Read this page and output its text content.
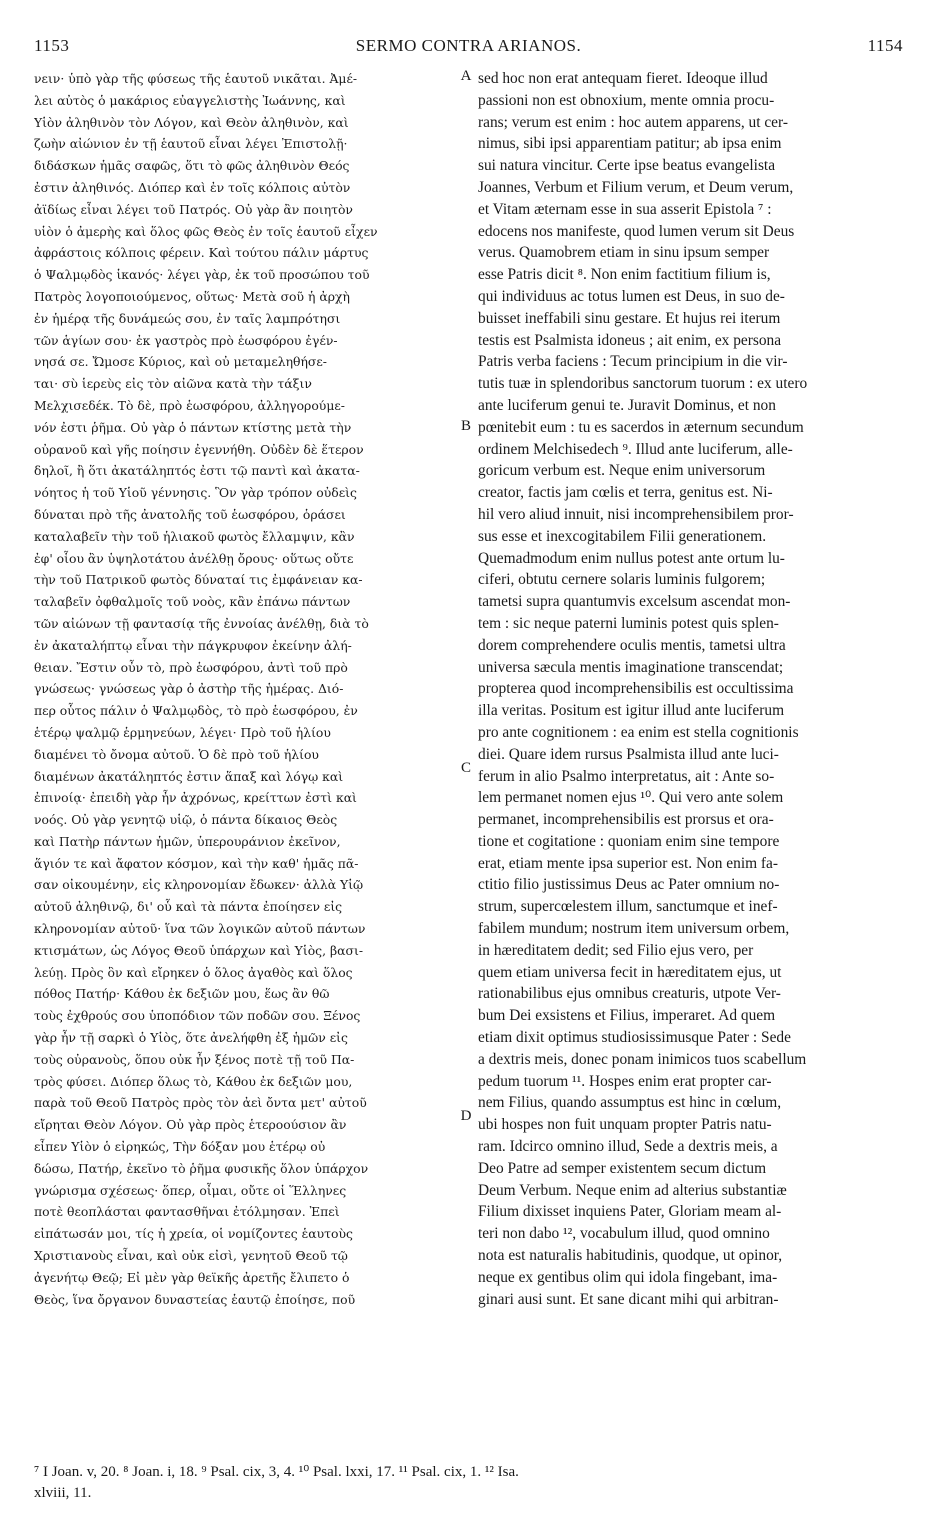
1153	SERMO CONTRA ARIANOS.	1154
νειν· ὑπὸ γὰρ τῆς φύσεως τῆς ἑαυτοῦ νικᾶται. Ἀμέ-
λει αὐτὸς ὁ μακάριος εὐαγγελιστὴς Ἰωάννης, καὶ
Υἱὸν ἀληθινὸν τὸν Λόγον, καὶ Θεὸν ἀληθινὸν, καὶ
ζωὴν αἰώνιον ἐν τῇ ἑαυτοῦ εἶναι λέγει Ἐπιστολῇ·
διδάσκων ἡμᾶς σαφῶς, ὅτι τὸ φῶς ἀληθινὸν Θεός
ἐστιν ἀληθινός. Διόπερ καὶ ἐν τοῖς κόλποις αὐτὸν
ἀϊδίως εἶναι λέγει τοῦ Πατρός. Οὐ γὰρ ἂν ποιητὸν
υἱὸν ὁ ἀμερὴς καὶ ὅλος φῶς Θεὸς ἐν τοῖς ἑαυτοῦ εἶχεν
ἀφράστοις κόλποις φέρειν. Καὶ τούτου πάλιν μάρτυς
ὁ Ψαλμῳδὸς ἱκανός· λέγει γὰρ, ἐκ τοῦ προσώπου τοῦ
Πατρὸς λογοποιούμενος, οὕτως· Μετὰ σοῦ ἡ ἀρχὴ
ἐν ἡμέρᾳ τῆς δυνάμεώς σου, ἐν ταῖς λαμπρότησι
τῶν ἁγίων σου· ἐκ γαστρὸς πρὸ ἑωσφόρου ἐγέν-
νησά σε. Ὤμοσε Κύριος, καὶ οὐ μεταμεληθήσε-
ται· σὺ ἱερεὺς εἰς τὸν αἰῶνα κατὰ τὴν τάξιν
Μελχισεδέκ. Τὸ δὲ, πρὸ ἑωσφόρου, ἀλληγορούμε-
νόν ἐστι ῥῆμα. Οὐ γὰρ ὁ πάντων κτίστης μετὰ τὴν
οὐρανοῦ καὶ γῆς ποίησιν ἐγεννήθη. Οὐδὲν δὲ ἕτερον
δηλοῖ, ἢ ὅτι ἀκατάληπτός ἐστι τῷ παντὶ καὶ ἀκατα-
νόητος ἡ τοῦ Υἱοῦ γέννησις. Ὃν γὰρ τρόπον οὐδεὶς
δύναται πρὸ τῆς ἀνατολῆς τοῦ ἑωσφόρου, ὁράσει
καταλαβεῖν τὴν τοῦ ἡλιακοῦ φωτὸς ἔλλαμψιν, κἂν
ἐφ' οἷου ἂν ὑψηλοτάτου ἀνέλθῃ ὄρους· οὕτως οὔτε
τὴν τοῦ Πατρικοῦ φωτὸς δύναταί τις ἐμφάνειαν κα-
ταλαβεῖν ὀφθαλμοῖς τοῦ νοὸς, κἂν ἐπάνω πάντων
τῶν αἰώνων τῇ φαντασίᾳ τῆς ἐννοίας ἀνέλθῃ, διὰ τὸ
ἐν ἀκαταλήπτῳ εἶναι τὴν πάγκρυφον ἐκείνην ἀλή-
θειαν. Ἔστιν οὖν τὸ, πρὸ ἑωσφόρου, ἀντὶ τοῦ πρὸ
γνώσεως· γνώσεως γὰρ ὁ ἀστὴρ τῆς ἡμέρας. Διό-
περ οὗτος πάλιν ὁ Ψαλμῳδὸς, τὸ πρὸ ἑωσφόρου, ἐν
ἑτέρῳ ψαλμῷ ἑρμηνεύων, λέγει· Πρὸ τοῦ ἡλίου
διαμένει τὸ ὄνομα αὐτοῦ. Ὁ δὲ πρὸ τοῦ ἡλίου
διαμένων ἀκατάληπτός ἐστιν ἅπαξ καὶ λόγῳ καὶ
ἐπινοίᾳ· ἐπειδὴ γὰρ ἦν ἀχρόνως, κρείττων ἐστὶ καὶ
νοός. Οὐ γὰρ γενητῷ υἱῷ, ὁ πάντα δίκαιος Θεὸς
καὶ Πατὴρ πάντων ἡμῶν, ὑπερουράνιον ἐκεῖνον,
ἅγιόν τε καὶ ἄφατον κόσμον, καὶ τὴν καθ' ἡμᾶς πᾶ-
σαν οἰκουμένην, εἰς κληρονομίαν ἔδωκεν· ἀλλὰ Υἱῷ
αὐτοῦ ἀληθινῷ, δι' οὗ καὶ τὰ πάντα ἐποίησεν εἰς
κληρονομίαν αὐτοῦ· ἵνα τῶν λογικῶν αὐτοῦ πάντων
κτισμάτων, ὡς Λόγος Θεοῦ ὑπάρχων καὶ Υἱὸς, βασι-
λεύῃ. Πρὸς ὃν καὶ εἴρηκεν ὁ ὅλος ἀγαθὸς καὶ ὅλος
πόθος Πατήρ· Κάθου ἐκ δεξιῶν μου, ἕως ἂν θῶ
τοὺς ἐχθρούς σου ὑποπόδιον τῶν ποδῶν σου. Ξένος
γὰρ ἦν τῇ σαρκὶ ὁ Υἱὸς, ὅτε ἀνελήφθη ἐξ ἡμῶν εἰς
τοὺς οὐρανοὺς, ὅπου οὐκ ἦν ξένος ποτὲ τῇ τοῦ Πα-
τρὸς φύσει. Διόπερ ὅλως τὸ, Κάθου ἐκ δεξιῶν μου,
παρὰ τοῦ Θεοῦ Πατρὸς πρὸς τὸν ἀεὶ ὄντα μετ' αὐτοῦ
εἴρηται Θεὸν Λόγον. Οὐ γὰρ πρὸς ἑτεροούσιον ἂν
εἶπεν Υἱὸν ὁ εἰρηκώς, Τὴν δόξαν μου ἑτέρῳ οὐ
δώσω, Πατήρ, ἐκεῖνο τὸ ῥῆμα φυσικῆς ὅλον ὑπάρχον
γνώρισμα σχέσεως· ὅπερ, οἶμαι, οὔτε οἱ Ἕλληνες
ποτὲ θεοπλάσται φαντασθῆναι ἐτόλμησαν. Ἐπεὶ
εἰπάτωσάν μοι, τίς ἡ χρεία, οἱ νομίζοντες ἑαυτοὺς
Χριστιανοὺς εἶναι, καὶ οὐκ εἰσὶ, γενητοῦ Θεοῦ τῷ
ἀγενήτῳ Θεῷ; Εἰ μὲν γὰρ θεϊκῆς ἀρετῆς ἔλιπετο ὁ
Θεὸς, ἵνα ὄργανον δυναστείας ἑαυτῷ ἐποίησε, ποῦ
sed hoc non erat antequam fieret. Ideoque illud
passioni non est obnoxium, mente omnia procu-
rans; verum est enim : hoc autem apparens, ut cer-
nimus, sibi ipsi apparentiam patitur; ab ipsa enim
sui natura vincitur. Certe ipse beatus evangelista
Joannes, Verbum et Filium verum, et Deum verum,
et Vitam æternam esse in sua asserit Epistola ⁷ :
edocens nos manifeste, quod lumen verum sit Deus
verus. Quamobrem etiam in sinu ipsum semper
esse Patris dicit ⁸. Non enim factitium filium is,
qui individuus ac totus lumen est Deus, in suo de-
buisset ineffabili sinu gestare. Et hujus rei iterum
testis est Psalmista idoneus ; ait enim, ex persona
Patris verba faciens : Tecum principium in die vir-
tutis tuæ in splendoribus sanctorum tuorum : ex utero
ante luciferum genui te. Juravit Dominus, et non
pœnitebit eum : tu es sacerdos in æternum secundum
ordinem Melchisedech ⁹. Illud ante luciferum, alle-
goricum verbum est. Neque enim universorum
creator, factis jam cœlis et terra, genitus est. Ni-
hil vero aliud innuit, nisi incomprehensibilem pror-
sus esse et inexcogitabilem Filii generationem.
Quemadmodum enim nullus potest ante ortum lu-
ciferi, obtutu cernere solaris luminis fulgorem;
tametsi supra quantumvis excelsum ascendat mon-
tem : sic neque paterni luminis potest quis splen-
dorem comprehendere oculis mentis, tametsi ultra
universa sæcula mentis imaginatione transcendat;
propterea quod incomprehensibilis est occultissima
illa veritas. Positum est igitur illud ante luciferum
pro ante cognitionem : ea enim est stella cognitionis
diei. Quare idem rursus Psalmista illud ante luci-
ferum in alio Psalmo interpretatus, ait : Ante so-
lem permanet nomen ejus ¹⁰. Qui vero ante solem
permanet, incomprehensibilis est prorsus et ora-
tione et cogitatione : quoniam enim sine tempore
erat, etiam mente ipsa superior est. Non enim fa-
ctitio filio justissimus Deus ac Pater omnium no-
strum, supercœlestem illum, sanctumque et inef-
fabilem mundum; nostrum item universum orbem,
in hæreditatem dedit; sed Filio ejus vero, per
quem etiam universa fecit in hæreditatem ejus, ut
rationabilibus ejus omnibus creaturis, utpote Ver-
bum Dei exsistens et Filius, imperaret. Ad quem
etiam dixit optimus studiosissimusque Pater : Sede
a dextris meis, donec ponam inimicos tuos scabellum
pedum tuorum ¹¹. Hospes enim erat propter car-
nem Filius, quando assumptus est hinc in cœlum,
ubi hospes non fuit unquam propter Patris natu-
ram. Idcirco omnino illud, Sede a dextris meis, a
Deo Patre ad semper existentem secum dictum
Deum Verbum. Neque enim ad alterius substantiæ
Filium dixisset inquiens Pater, Gloriam meam al-
teri non dabo ¹², vocabulum illud, quod omnino
nota est naturalis habitudinis, quodque, ut opinor,
neque ex gentibus olim qui idola fingebant, ima-
ginari ausi sunt. Et sane dicant mihi qui arbitran-
A
B
C
D
⁷ I Joan. v, 20. ⁸ Joan. i, 18. ⁹ Psal. cix, 3, 4. ¹⁰ Psal. lxxi, 17. ¹¹ Psal. cix, 1. ¹² Isa.
xlviii, 11.
